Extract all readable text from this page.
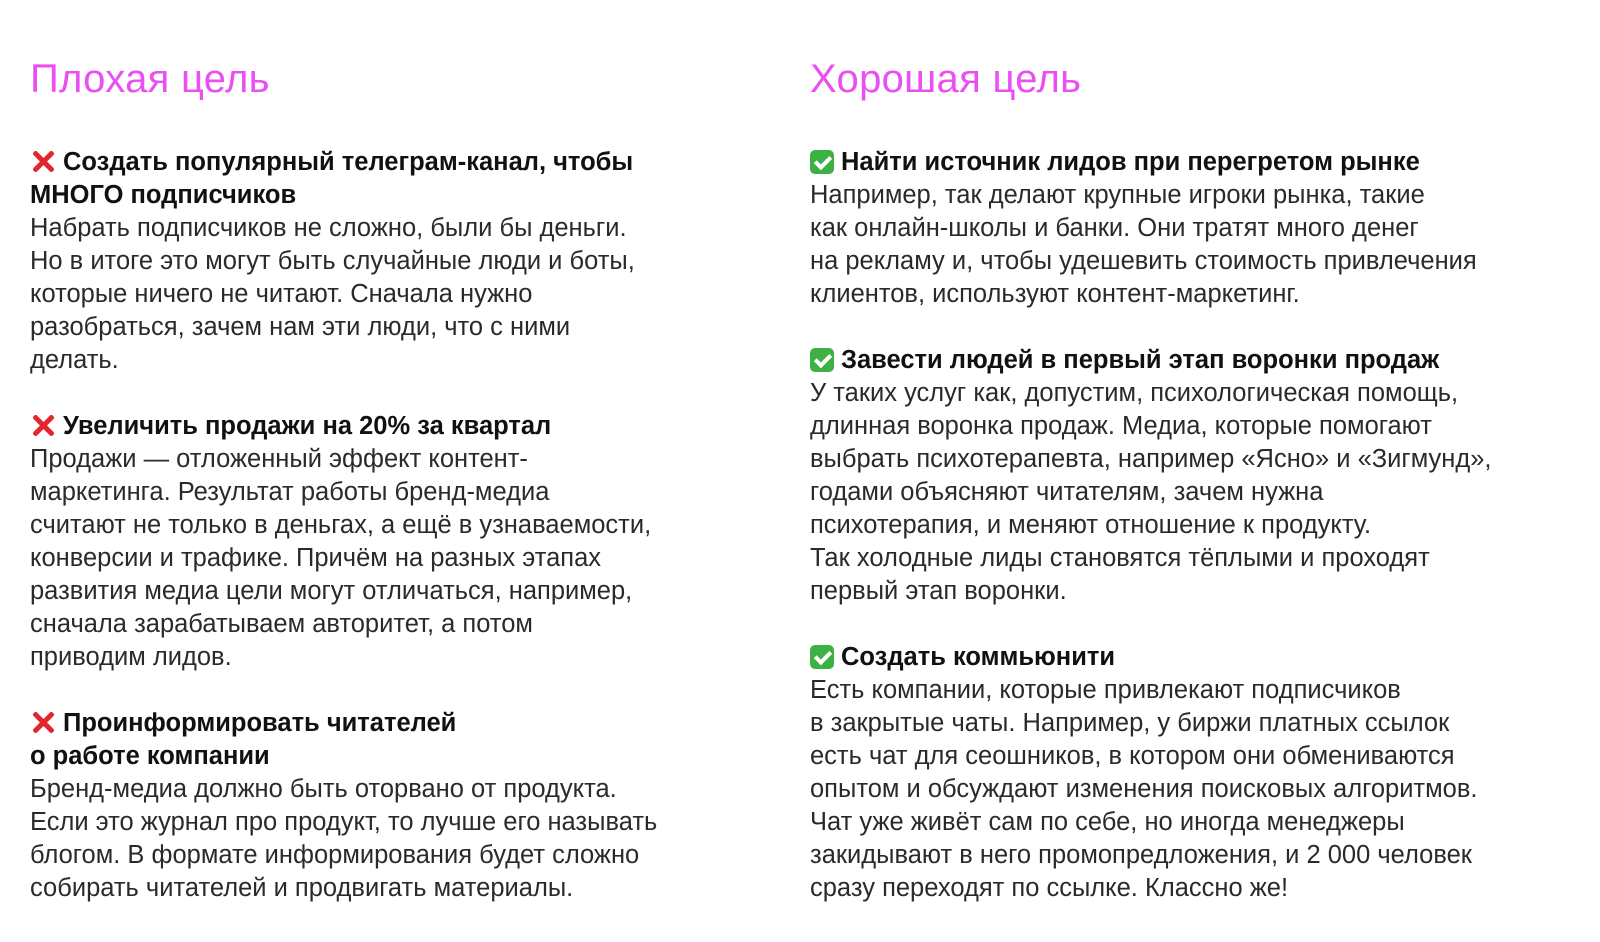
Плохая цель

Создать популярный телеграм-канал, чтобы
МНОГО подписчиков

Набрать подписчиков не сложно, были бы деньги.
Но в итоге это могут быть случайные люди и боты,
которые ничего не читают. Сначала нужно
разобраться, зачем нам эти люди, что с ними
делать.

Увеличить продажи на 20% за квартал

Продажи — отложенный эффект контент-
маркетинга. Результат работы бренд-медиа
считают не только в деньгах, а ещё в узнаваемости,
конверсии и трафике. Причём на разных этапах
развития медиа цели могут отличаться, например,
сначала зарабатываем авторитет, а потом
приводим лидов.

Проинформировать читателей
о работе компании

Бренд-медиа должно быть оторвано от продукта.
Если это журнал про продукт, то лучше его называть
блогом. В формате информирования будет сложно
собирать читателей и продвигать материалы.

Хорошая цель

Найти источник лидов при перегретом рынке

Например, так делают крупные игроки рынка, такие
как онлайн-школы и банки. Они тратят много денег
на рекламу и, чтобы удешевить стоимость привлечения
клиентов, используют контент-маркетинг.

Завести людей в первый этап воронки продаж

У таких услуг как, допустим, психологическая помощь,
длинная воронка продаж. Медиа, которые помогают
выбрать психотерапевта, например «Ясно» и «Зигмунд»,
годами объясняют читателям, зачем нужна
психотерапия, и меняют отношение к продукту.
Так холодные лиды становятся тёплыми и проходят
первый этап воронки.

Создать коммьюнити

Есть компании, которые привлекают подписчиков
в закрытые чаты. Например, у биржи платных ссылок
есть чат для сеошников, в котором они обмениваются
опытом и обсуждают изменения поисковых алгоритмов.
Чат уже живёт сам по себе, но иногда менеджеры
закидывают в него промопредложения, и 2 000 человек
сразу переходят по ссылке. Классно же!
